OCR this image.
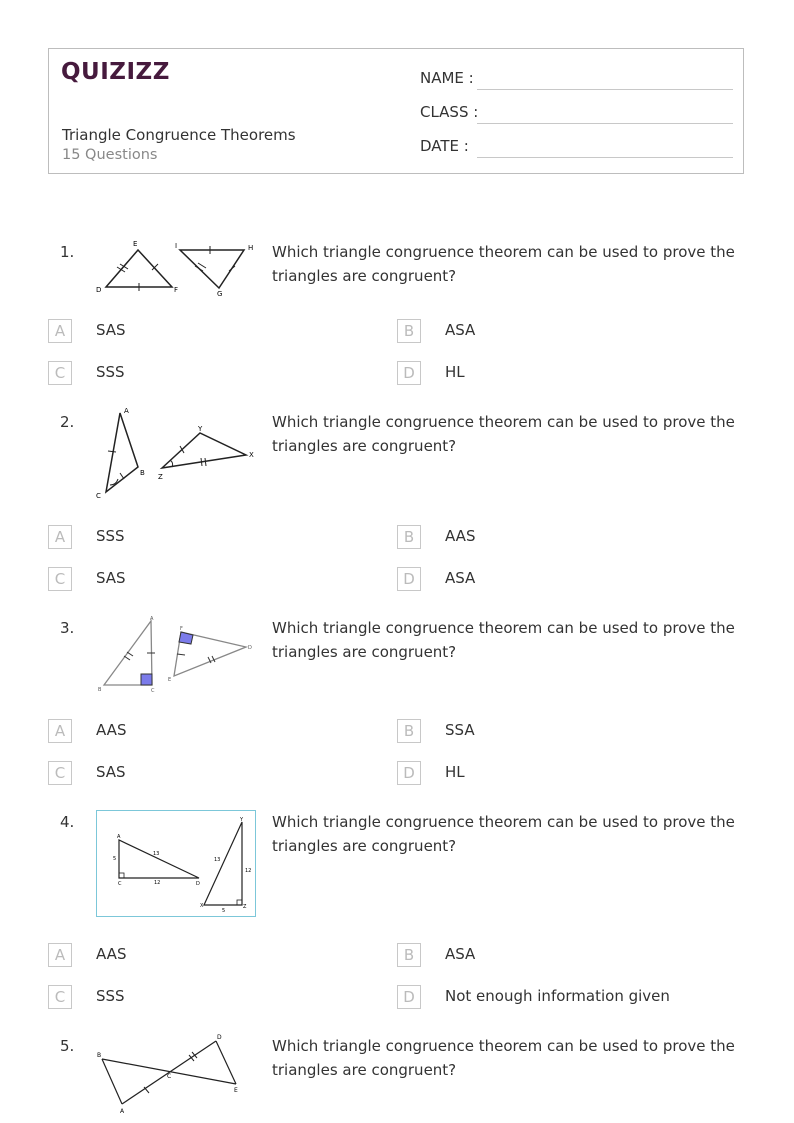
QUIZIZZ
Triangle Congruence Theorems
15 Questions
NAME :
CLASS :
DATE :
1.	E
D	F
I	H
G
Which triangle congruence theorem can be used to prove the triangles are congruent?
A	SAS	B	ASA
C	SSS	D	HL
2.
A
B
C
Y
X
Z
Which triangle congruence theorem can be used to prove the triangles are congruent?
A	SSS	B	AAS
C	SAS	D	ASA
3.	A
B	C
F
D
E
Which triangle congruence theorem can be used to prove the triangles are congruent?
A	AAS	B	SSA
C	SAS	D	HL
4.
A
C	D
5
13
12
Y
X	Z
13
12
5
Which triangle congruence theorem can be used to prove the triangles are congruent?
A	AAS	B	ASA
C	SSS	D	Not enough information given
5.
B
A
C
D
E
Which triangle congruence theorem can be used to prove the triangles are congruent?
